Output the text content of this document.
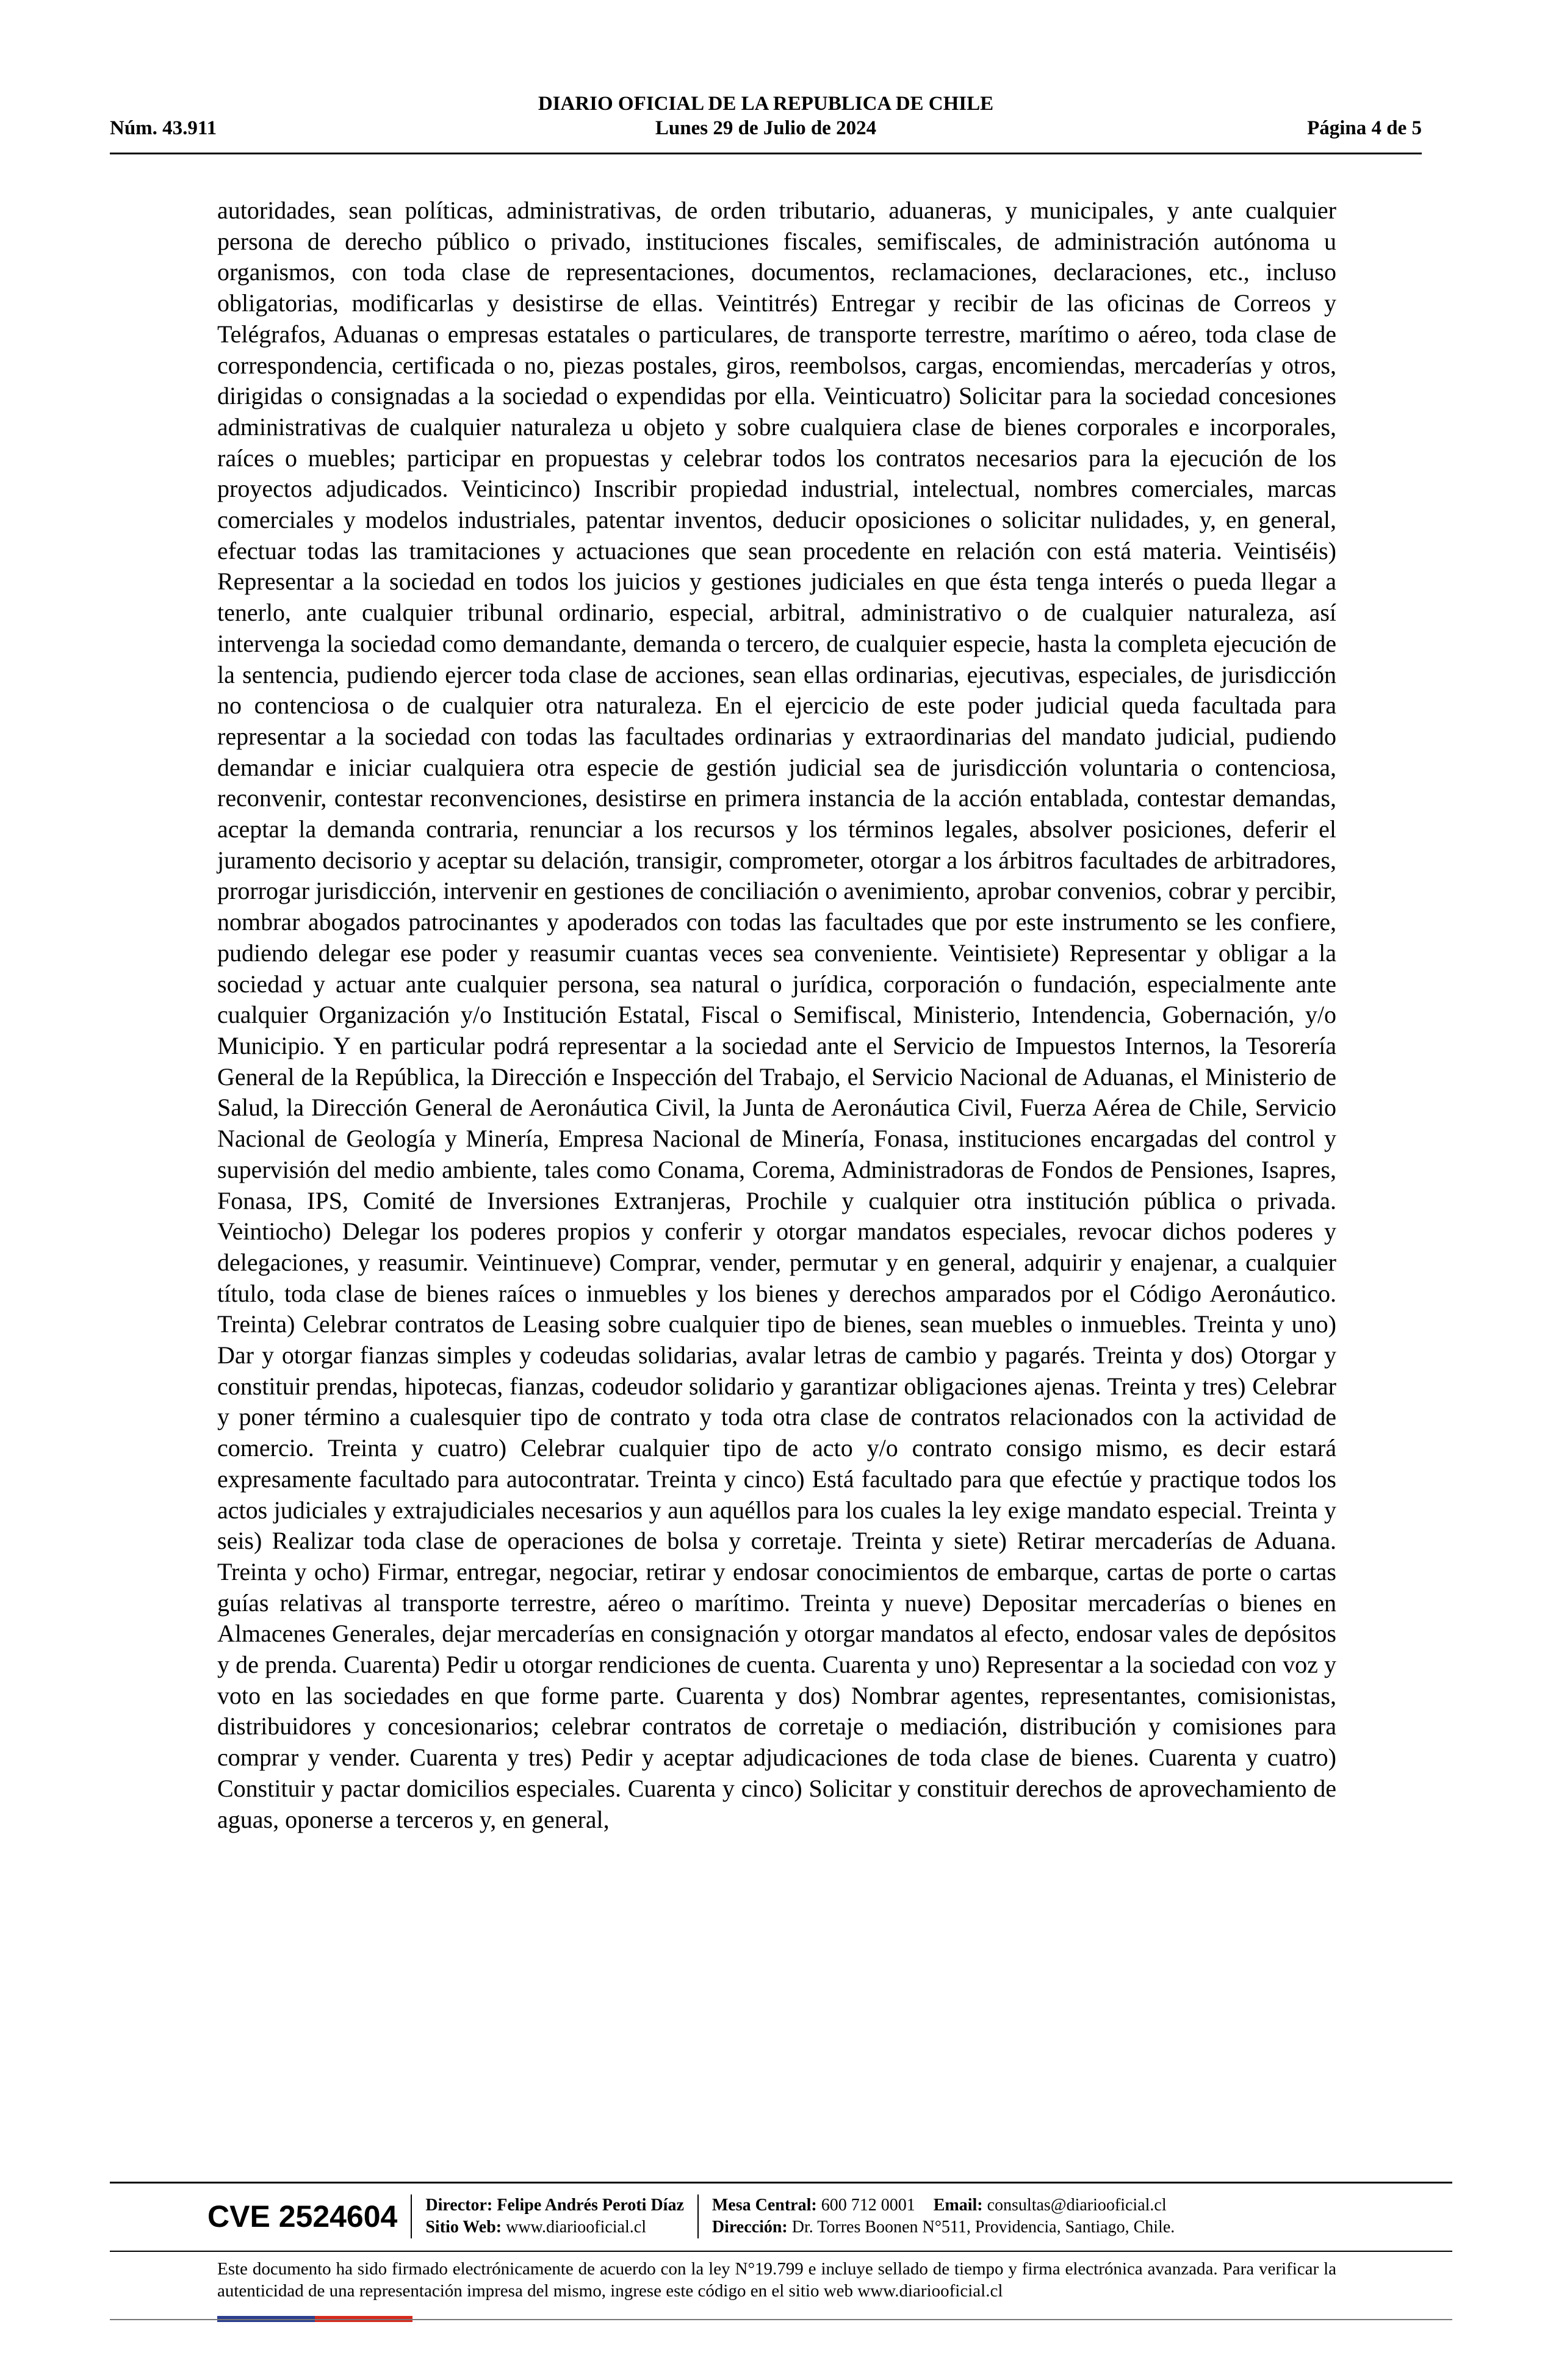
DIARIO OFICIAL DE LA REPUBLICA DE CHILE
Núm. 43.911	Lunes 29 de Julio de 2024	Página 4 de 5
autoridades, sean políticas, administrativas, de orden tributario, aduaneras, y municipales, y ante cualquier persona de derecho público o privado, instituciones fiscales, semifiscales, de administración autónoma u organismos, con toda clase de representaciones, documentos, reclamaciones, declaraciones, etc., incluso obligatorias, modificarlas y desistirse de ellas. Veintitrés) Entregar y recibir de las oficinas de Correos y Telégrafos, Aduanas o empresas estatales o particulares, de transporte terrestre, marítimo o aéreo, toda clase de correspondencia, certificada o no, piezas postales, giros, reembolsos, cargas, encomiendas, mercaderías y otros, dirigidas o consignadas a la sociedad o expendidas por ella. Veinticuatro) Solicitar para la sociedad concesiones administrativas de cualquier naturaleza u objeto y sobre cualquiera clase de bienes corporales e incorporales, raíces o muebles; participar en propuestas y celebrar todos los contratos necesarios para la ejecución de los proyectos adjudicados. Veinticinco) Inscribir propiedad industrial, intelectual, nombres comerciales, marcas comerciales y modelos industriales, patentar inventos, deducir oposiciones o solicitar nulidades, y, en general, efectuar todas las tramitaciones y actuaciones que sean procedente en relación con está materia. Veintiséis) Representar a la sociedad en todos los juicios y gestiones judiciales en que ésta tenga interés o pueda llegar a tenerlo, ante cualquier tribunal ordinario, especial, arbitral, administrativo o de cualquier naturaleza, así intervenga la sociedad como demandante, demanda o tercero, de cualquier especie, hasta la completa ejecución de la sentencia, pudiendo ejercer toda clase de acciones, sean ellas ordinarias, ejecutivas, especiales, de jurisdicción no contenciosa o de cualquier otra naturaleza. En el ejercicio de este poder judicial queda facultada para representar a la sociedad con todas las facultades ordinarias y extraordinarias del mandato judicial, pudiendo demandar e iniciar cualquiera otra especie de gestión judicial sea de jurisdicción voluntaria o contenciosa, reconvenir, contestar reconvenciones, desistirse en primera instancia de la acción entablada, contestar demandas, aceptar la demanda contraria, renunciar a los recursos y los términos legales, absolver posiciones, deferir el juramento decisorio y aceptar su delación, transigir, comprometer, otorgar a los árbitros facultades de arbitradores, prorrogar jurisdicción, intervenir en gestiones de conciliación o avenimiento, aprobar convenios, cobrar y percibir, nombrar abogados patrocinantes y apoderados con todas las facultades que por este instrumento se les confiere, pudiendo delegar ese poder y reasumir cuantas veces sea conveniente. Veintisiete) Representar y obligar a la sociedad y actuar ante cualquier persona, sea natural o jurídica, corporación o fundación, especialmente ante cualquier Organización y/o Institución Estatal, Fiscal o Semifiscal, Ministerio, Intendencia, Gobernación, y/o Municipio. Y en particular podrá representar a la sociedad ante el Servicio de Impuestos Internos, la Tesorería General de la República, la Dirección e Inspección del Trabajo, el Servicio Nacional de Aduanas, el Ministerio de Salud, la Dirección General de Aeronáutica Civil, la Junta de Aeronáutica Civil, Fuerza Aérea de Chile, Servicio Nacional de Geología y Minería, Empresa Nacional de Minería, Fonasa, instituciones encargadas del control y supervisión del medio ambiente, tales como Conama, Corema, Administradoras de Fondos de Pensiones, Isapres, Fonasa, IPS, Comité de Inversiones Extranjeras, Prochile y cualquier otra institución pública o privada. Veintiocho) Delegar los poderes propios y conferir y otorgar mandatos especiales, revocar dichos poderes y delegaciones, y reasumir. Veintinueve) Comprar, vender, permutar y en general, adquirir y enajenar, a cualquier título, toda clase de bienes raíces o inmuebles y los bienes y derechos amparados por el Código Aeronáutico. Treinta) Celebrar contratos de Leasing sobre cualquier tipo de bienes, sean muebles o inmuebles. Treinta y uno) Dar y otorgar fianzas simples y codeudas solidarias, avalar letras de cambio y pagarés. Treinta y dos) Otorgar y constituir prendas, hipotecas, fianzas, codeudor solidario y garantizar obligaciones ajenas. Treinta y tres) Celebrar y poner término a cualesquier tipo de contrato y toda otra clase de contratos relacionados con la actividad de comercio. Treinta y cuatro) Celebrar cualquier tipo de acto y/o contrato consigo mismo, es decir estará expresamente facultado para autocontratar. Treinta y cinco) Está facultado para que efectúe y practique todos los actos judiciales y extrajudiciales necesarios y aun aquéllos para los cuales la ley exige mandato especial. Treinta y seis) Realizar toda clase de operaciones de bolsa y corretaje. Treinta y siete) Retirar mercaderías de Aduana. Treinta y ocho) Firmar, entregar, negociar, retirar y endosar conocimientos de embarque, cartas de porte o cartas guías relativas al transporte terrestre, aéreo o marítimo. Treinta y nueve) Depositar mercaderías o bienes en Almacenes Generales, dejar mercaderías en consignación y otorgar mandatos al efecto, endosar vales de depósitos y de prenda. Cuarenta) Pedir u otorgar rendiciones de cuenta. Cuarenta y uno) Representar a la sociedad con voz y voto en las sociedades en que forme parte. Cuarenta y dos) Nombrar agentes, representantes, comisionistas, distribuidores y concesionarios; celebrar contratos de corretaje o mediación, distribución y comisiones para comprar y vender. Cuarenta y tres) Pedir y aceptar adjudicaciones de toda clase de bienes. Cuarenta y cuatro) Constituir y pactar domicilios especiales. Cuarenta y cinco) Solicitar y constituir derechos de aprovechamiento de aguas, oponerse a terceros y, en general,
CVE 2524604 Director: Felipe Andrés Peroti Díaz
Sitio Web: www.diariooficial.cl
Mesa Central: 600 712 0001 Email: consultas@diariooficial.cl
Dirección: Dr. Torres Boonen N°511, Providencia, Santiago, Chile.
Este documento ha sido firmado electrónicamente de acuerdo con la ley N°19.799 e incluye sellado de tiempo y firma electrónica avanzada. Para verificar la autenticidad de una representación impresa del mismo, ingrese este código en el sitio web www.diariooficial.cl
